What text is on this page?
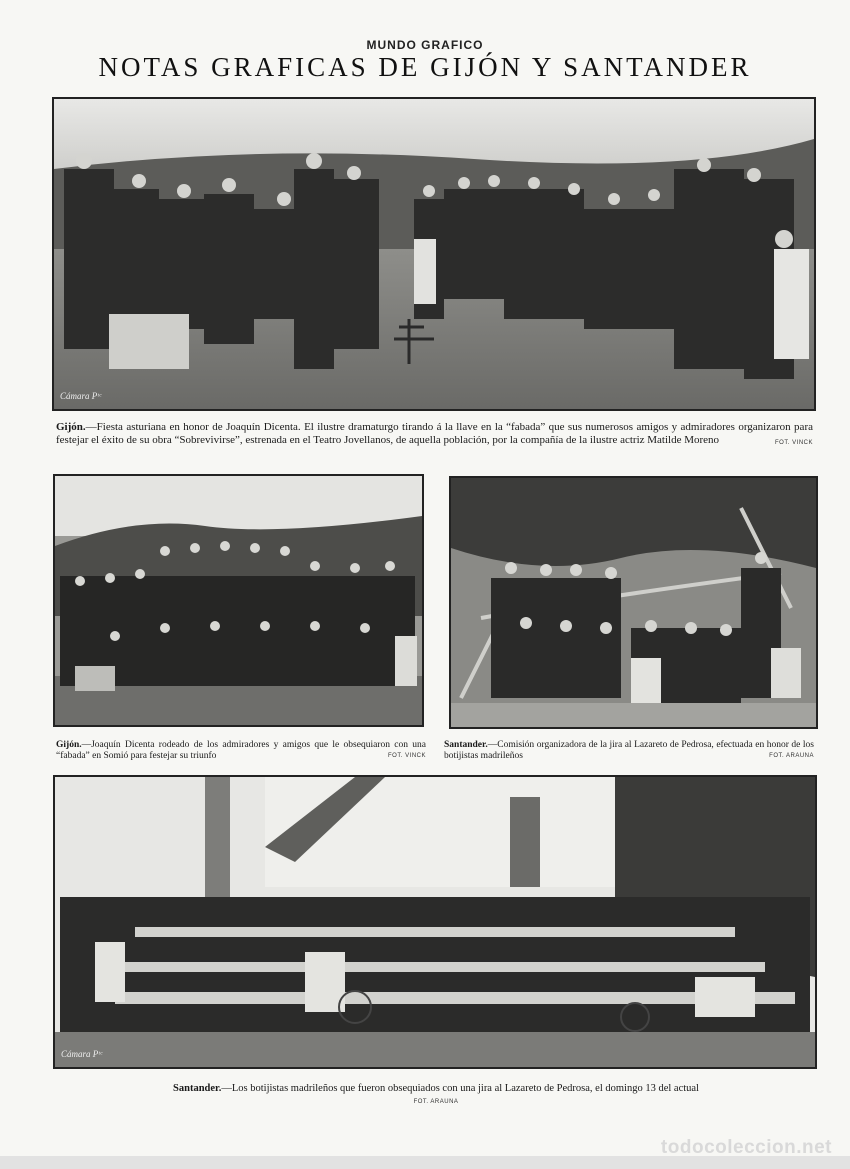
MUNDO GRAFICO
NOTAS GRAFICAS DE GIJÓN Y SANTANDER
Cámara Pᵗᶜ
Gijón.—Fiesta asturiana en honor de Joaquín Dicenta. El ilustre dramaturgo tirando á la llave en la “fabada” que sus numerosos amigos y admiradores organizaron para festejar el éxito de su obra “Sobrevivirse”, estrenada en el Teatro Jovellanos, de aquella población, por la compañía de la ilustre actriz Matilde Moreno	FOT. VINCK
Gijón.—Joaquín Dicenta rodeado de los admiradores y amigos que le obsequiaron con una “fabada” en Somió para festejar su triunfo	FOT. VINCK
Santander.—Comisión organizadora de la jira al Lazareto de Pedrosa, efectuada en honor de los botijistas madrileños	FOT. ARAUNA
Cámara Pᵗᶜ
Santander.—Los botijistas madrileños que fueron obsequiados con una jira al Lazareto de Pedrosa, el domingo 13 del actual
FOT. ARAUNA
todocoleccion.net
